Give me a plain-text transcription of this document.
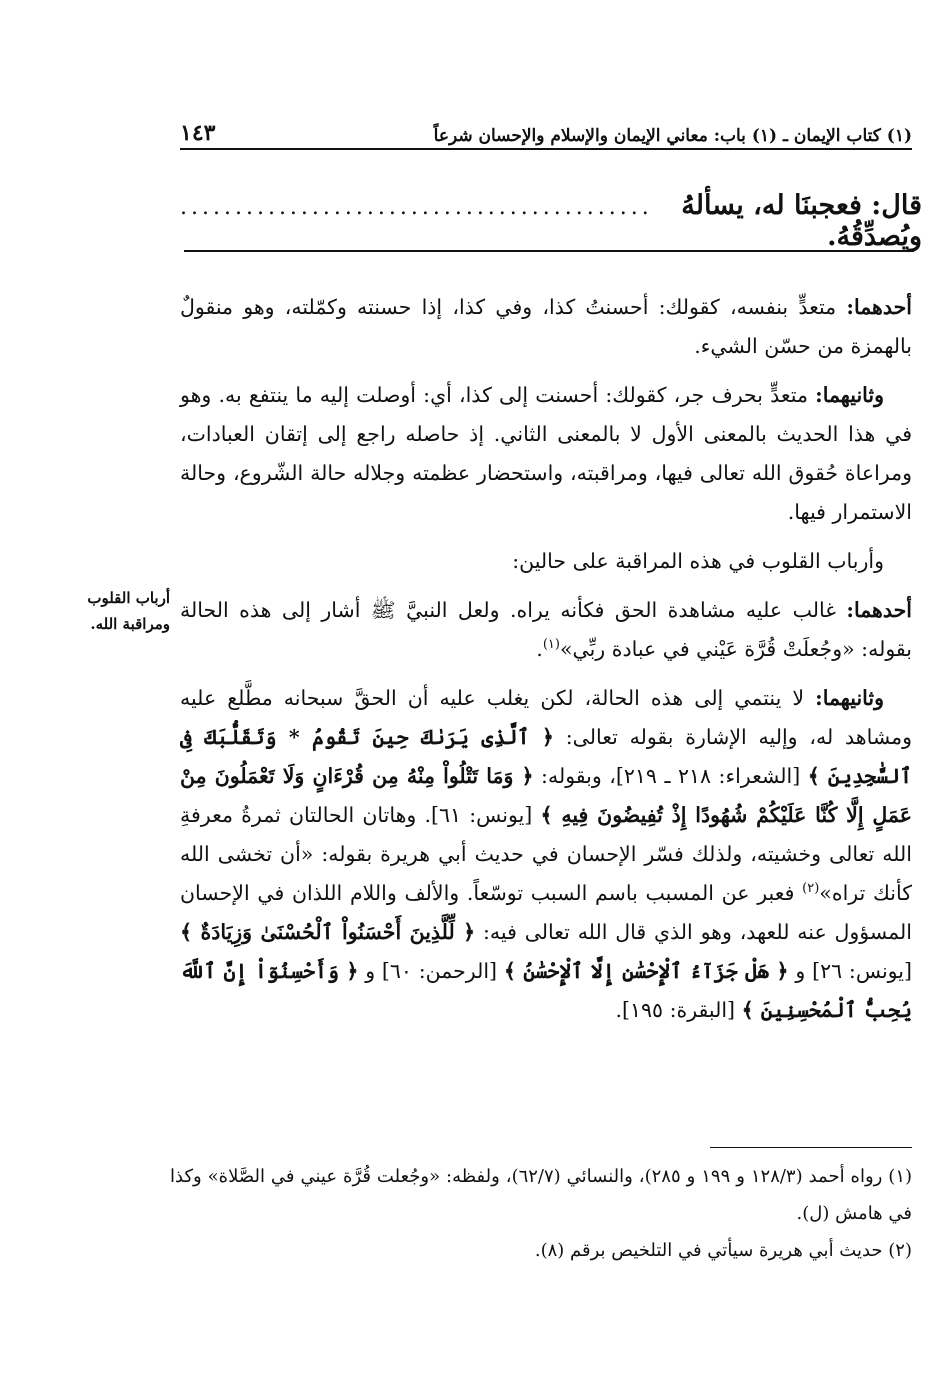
(١) كتاب الإيمان ـ (١) باب: معاني الإيمان والإسلام والإحسان شرعاً
١٤٣
قال: فعجبنَا له، يسألهُ ويُصدِّقُهُ.
...........................................

أحدهما: متعدٍّ بنفسه، كقولك: أحسنتُ كذا، وفي كذا، إذا حسنته وكمّلته، وهو منقولٌ بالهمزة من حسّن الشيء.

وثانيهما: متعدٍّ بحرف جر، كقولك: أحسنت إلى كذا، أي: أوصلت إليه ما ينتفع به. وهو في هذا الحديث بالمعنى الأول لا بالمعنى الثاني. إذ حاصله راجع إلى إتقان العبادات، ومراعاة حُقوق الله تعالى فيها، ومراقبته، واستحضار عظمته وجلاله حالة الشّروع، وحالة الاستمرار فيها.

وأرباب القلوب في هذه المراقبة على حالين:

أحدهما: غالب عليه مشاهدة الحق فكأنه يراه. ولعل النبيَّ ﷺ أشار إلى هذه الحالة بقوله: «وجُعلَتْ قُرَّة عَيْني في عبادة ربِّي»$^{(١)}$.

وثانيهما: لا ينتمي إلى هذه الحالة، لكن يغلب عليه أن الحقَّ سبحانه مطَّلع عليه ومشاهد له، وإليه الإشارة بقوله تعالى: ﴿ ٱلَّذِى يَرَىٰكَ حِينَ تَقُومُ * وَتَقَلُّبَكَ فِى ٱلسَّٰجِدِينَ ﴾ [الشعراء: ٢١٨ ـ ٢١٩]، وبقوله: ﴿ وَمَا تَتْلُواْ مِنْهُ مِن قُرْءَانٍ وَلَا تَعْمَلُونَ مِنْ عَمَلٍ إِلَّا كُنَّا عَلَيْكُمْ شُهُودًا إِذْ تُفِيضُونَ فِيهِ ﴾ [يونس: ٦١]. وهاتان الحالتان ثمرةُ معرفةِ الله تعالى وخشيته، ولذلك فسّر الإحسان في حديث أبي هريرة بقوله: «أن تخشى الله كأنك تراه»$^{(٢)}$ فعبر عن المسبب باسم السبب توسّعاً. والألف واللام اللذان في الإحسان المسؤول عنه للعهد، وهو الذي قال الله تعالى فيه: ﴿ لِّلَّذِينَ أَحْسَنُواْ ٱلْحُسْنَىٰ وَزِيَادَةٌ ﴾ [يونس: ٢٦] و ﴿ هَلْ جَزَآءُ ٱلْإِحْسَٰنِ إِلَّا ٱلْإِحْسَٰنُ ﴾ [الرحمن: ٦٠] و ﴿ وَأَحْسِنُوٓاْ إِنَّ ٱللَّهَ يُحِبُّ ٱلْمُحْسِنِينَ ﴾ [البقرة: ١٩٥].

أرباب القلوب
ومراقبة الله.

(١) رواه أحمد (١٢٨/٣ و ١٩٩ و ٢٨٥)، والنسائي (٦٢/٧)، ولفظه: «وجُعلت قُرَّة عيني في الصَّلاة» وكذا في هامش (ل).

(٢) حديث أبي هريرة سيأتي في التلخيص برقم (٨).
